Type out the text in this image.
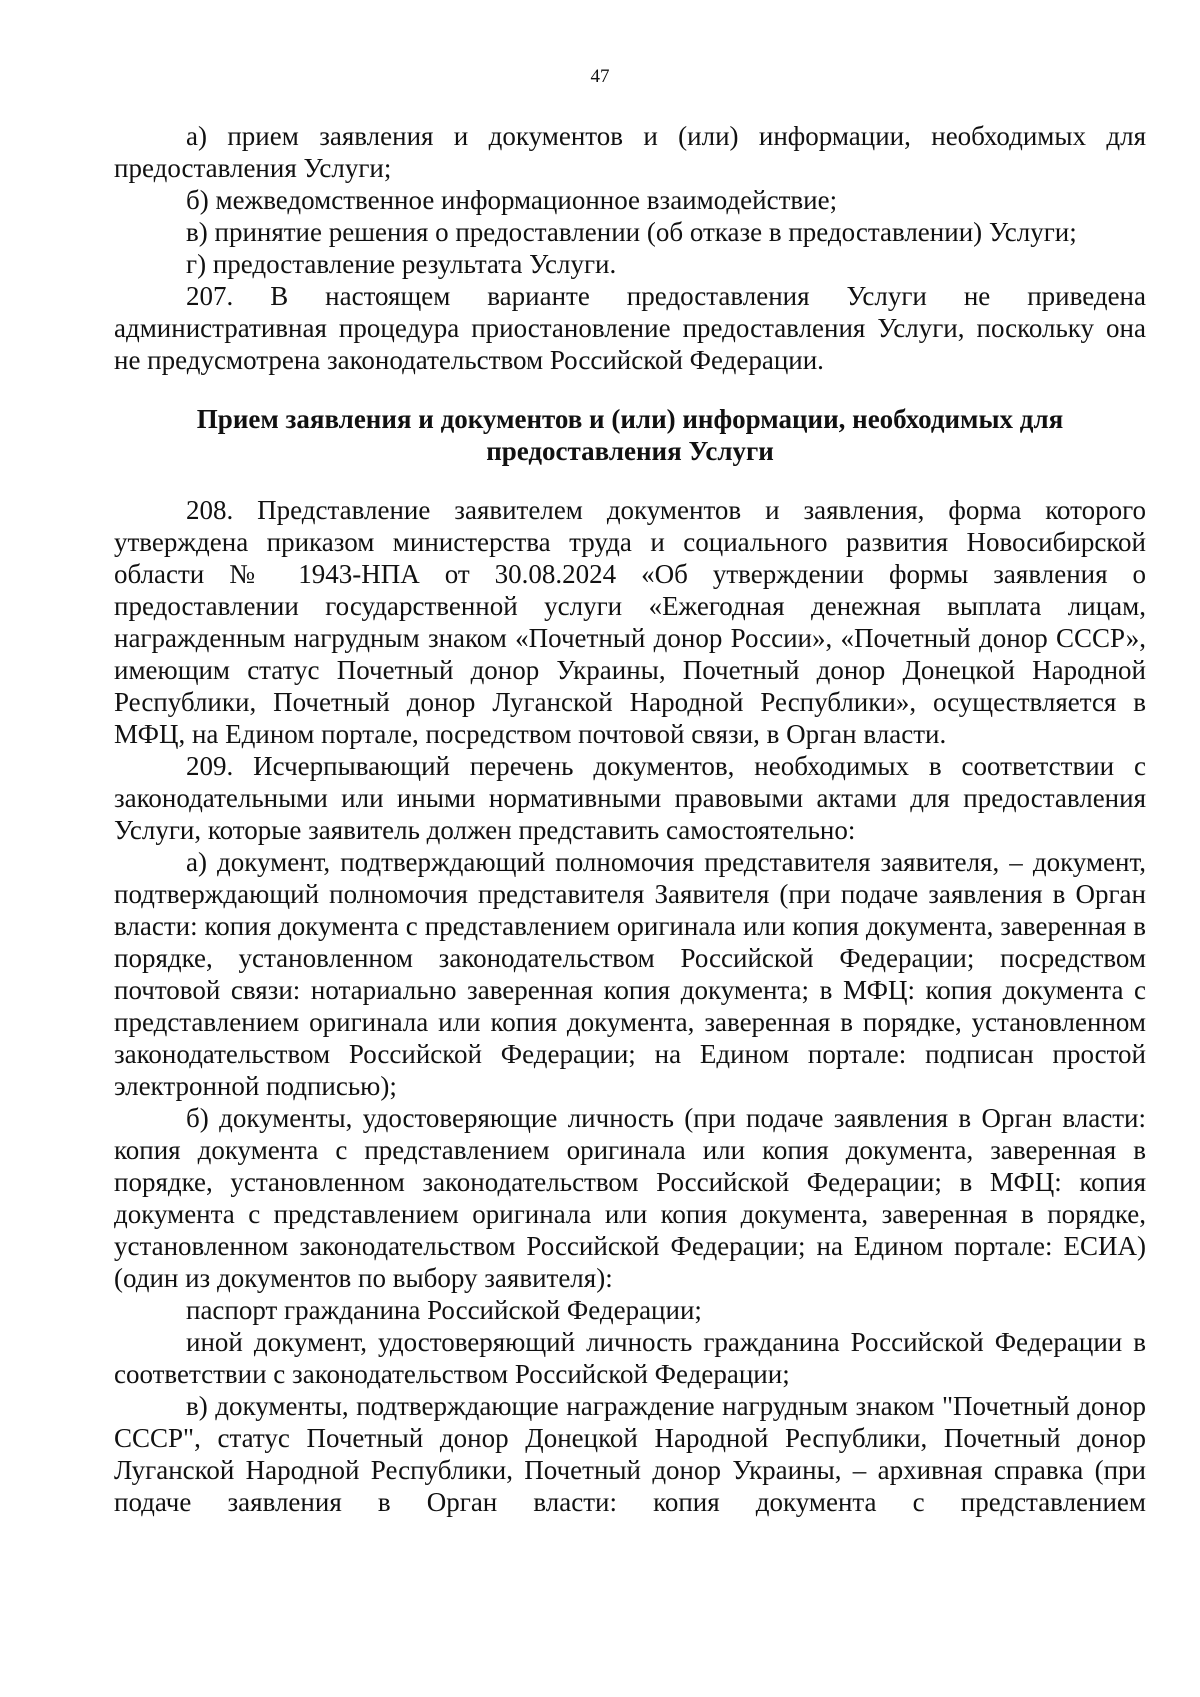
47

а) прием заявления и документов и (или) информации, необходимых для предоставления Услуги;

б) межведомственное информационное взаимодействие;

в) принятие решения о предоставлении (об отказе в предоставлении) Услуги;

г) предоставление результата Услуги.

207. В настоящем варианте предоставления Услуги не приведена административная процедура приостановление предоставления Услуги, поскольку она не предусмотрена законодательством Российской Федерации.

Прием заявления и документов и (или) информации, необходимых для предоставления Услуги

208. Представление заявителем документов и заявления, форма которого утверждена приказом министерства труда и социального развития Новосибирской области № 1943-НПА от 30.08.2024 «Об утверждении формы заявления о предоставлении государственной услуги «Ежегодная денежная выплата лицам, награжденным нагрудным знаком «Почетный донор России», «Почетный донор СССР», имеющим статус Почетный донор Украины, Почетный донор Донецкой Народной Республики, Почетный донор Луганской Народной Республики», осуществляется в МФЦ, на Едином портале, посредством почтовой связи, в Орган власти.

209. Исчерпывающий перечень документов, необходимых в соответствии с законодательными или иными нормативными правовыми актами для предоставления Услуги, которые заявитель должен представить самостоятельно:

а) документ, подтверждающий полномочия представителя заявителя, – документ, подтверждающий полномочия представителя Заявителя (при подаче заявления в Орган власти: копия документа с представлением оригинала или копия документа, заверенная в порядке, установленном законодательством Российской Федерации; посредством почтовой связи: нотариально заверенная копия документа; в МФЦ: копия документа с представлением оригинала или копия документа, заверенная в порядке, установленном законодательством Российской Федерации; на Едином портале: подписан простой электронной подписью);

б) документы, удостоверяющие личность (при подаче заявления в Орган власти: копия документа с представлением оригинала или копия документа, заверенная в порядке, установленном законодательством Российской Федерации; в МФЦ: копия документа с представлением оригинала или копия документа, заверенная в порядке, установленном законодательством Российской Федерации; на Едином портале: ЕСИА) (один из документов по выбору заявителя):

паспорт гражданина Российской Федерации;

иной документ, удостоверяющий личность гражданина Российской Федерации в соответствии с законодательством Российской Федерации;

в) документы, подтверждающие награждение нагрудным знаком "Почетный донор СССР", статус Почетный донор Донецкой Народной Республики, Почетный донор Луганской Народной Республики, Почетный донор Украины, – архивная справка (при подаче заявления в Орган власти: копия документа с представлением
